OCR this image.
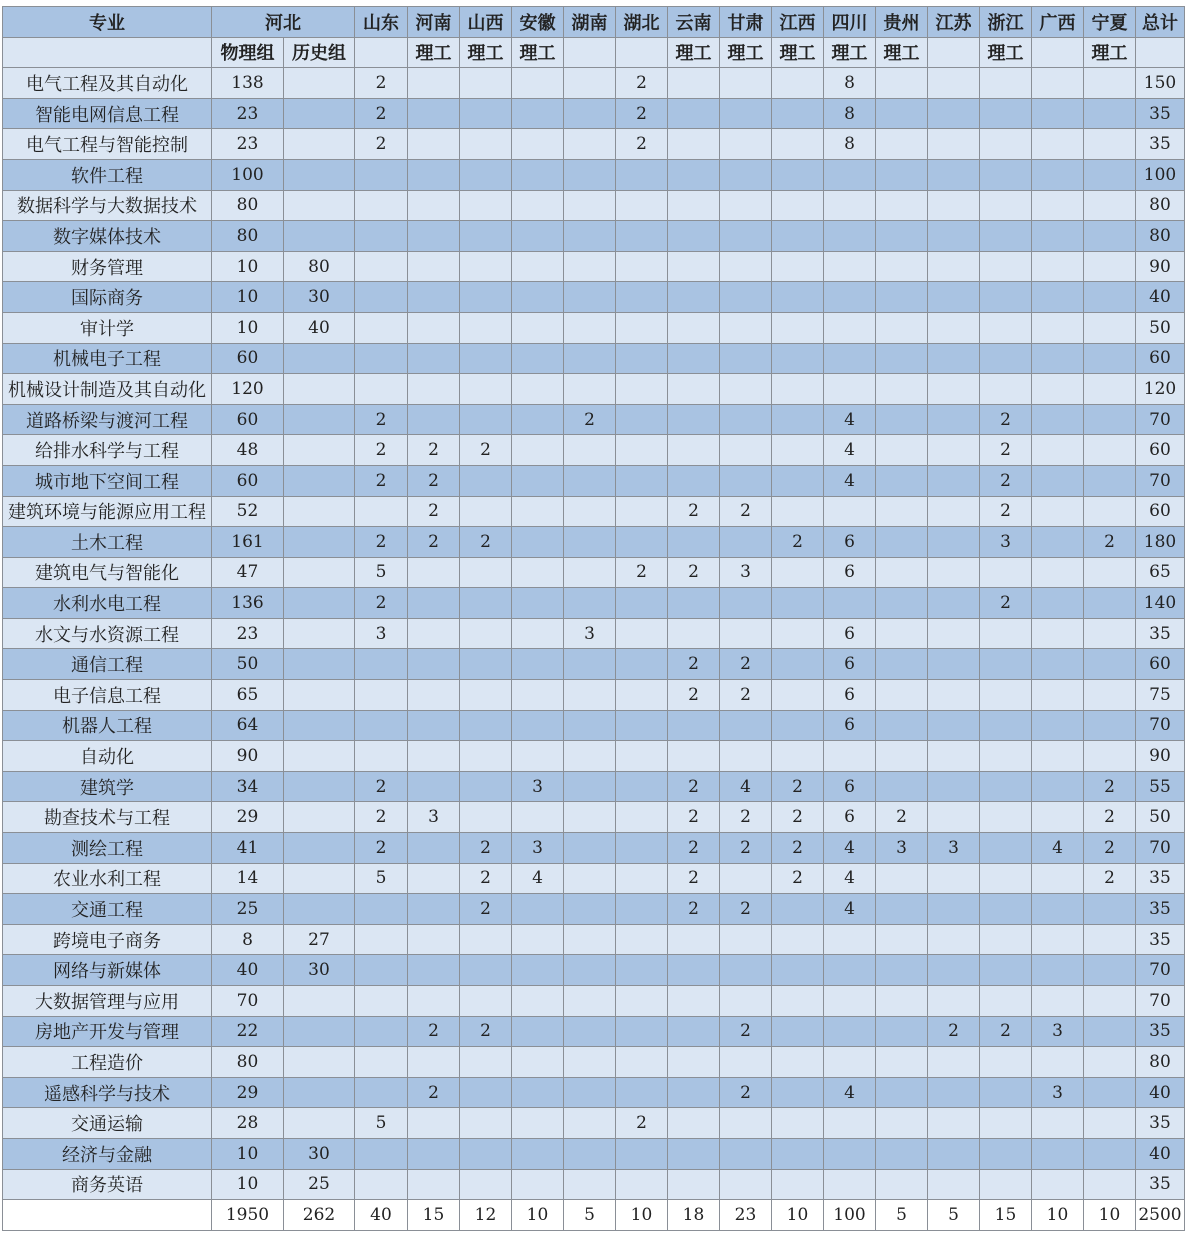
专业	河北		山东	河南	山西	安徽	湖南	湖北	云南	甘肃	江西	四川	贵州	江苏	浙江	广西	宁夏	总计
	物理组	历史组		理工	理工	理工			理工	理工	理工	理工	理工		理工		理工	
电气工程及其自动化	138		2					2				8						150
智能电网信息工程	23		2					2				8						35
电气工程与智能控制	23		2					2				8						35
软件工程	100																	100
数据科学与大数据技术	80																	80
数字媒体技术	80																	80
财务管理	10	80																90
国际商务	10	30																40
审计学	10	40																50
机械电子工程	60																	60
机械设计制造及其自动化	120																	120
道路桥梁与渡河工程	60		2				2					4			2			70
给排水科学与工程	48		2	2	2							4			2			60
城市地下空间工程	60		2	2								4			2			70
建筑环境与能源应用工程	52			2					2	2					2			60
土木工程	161		2	2	2						2	6			3		2	180
建筑电气与智能化	47		5					2	2	3		6						65
水利水电工程	136		2												2			140
水文与水资源工程	23		3				3					6						35
通信工程	50								2	2		6						60
电子信息工程	65								2	2		6						75
机器人工程	64											6						70
自动化	90																	90
建筑学	34		2			3			2	4	2	6					2	55
勘查技术与工程	29		2	3					2	2	2	6	2				2	50
测绘工程	41		2		2	3			2	2	2	4	3	3		4	2	70
农业水利工程	14		5		2	4			2		2	4					2	35
交通工程	25				2				2	2		4						35
跨境电子商务	8	27																35
网络与新媒体	40	30																70
大数据管理与应用	70																	70
房地产开发与管理	22			2	2					2				2	2	3		35
工程造价	80																	80
遥感科学与技术	29			2						2		4				3		40
交通运输	28		5					2										35
经济与金融	10	30																40
商务英语	10	25																35
	1950	262	40	15	12	10	5	10	18	23	10	100	5	5	15	10	10	2500
